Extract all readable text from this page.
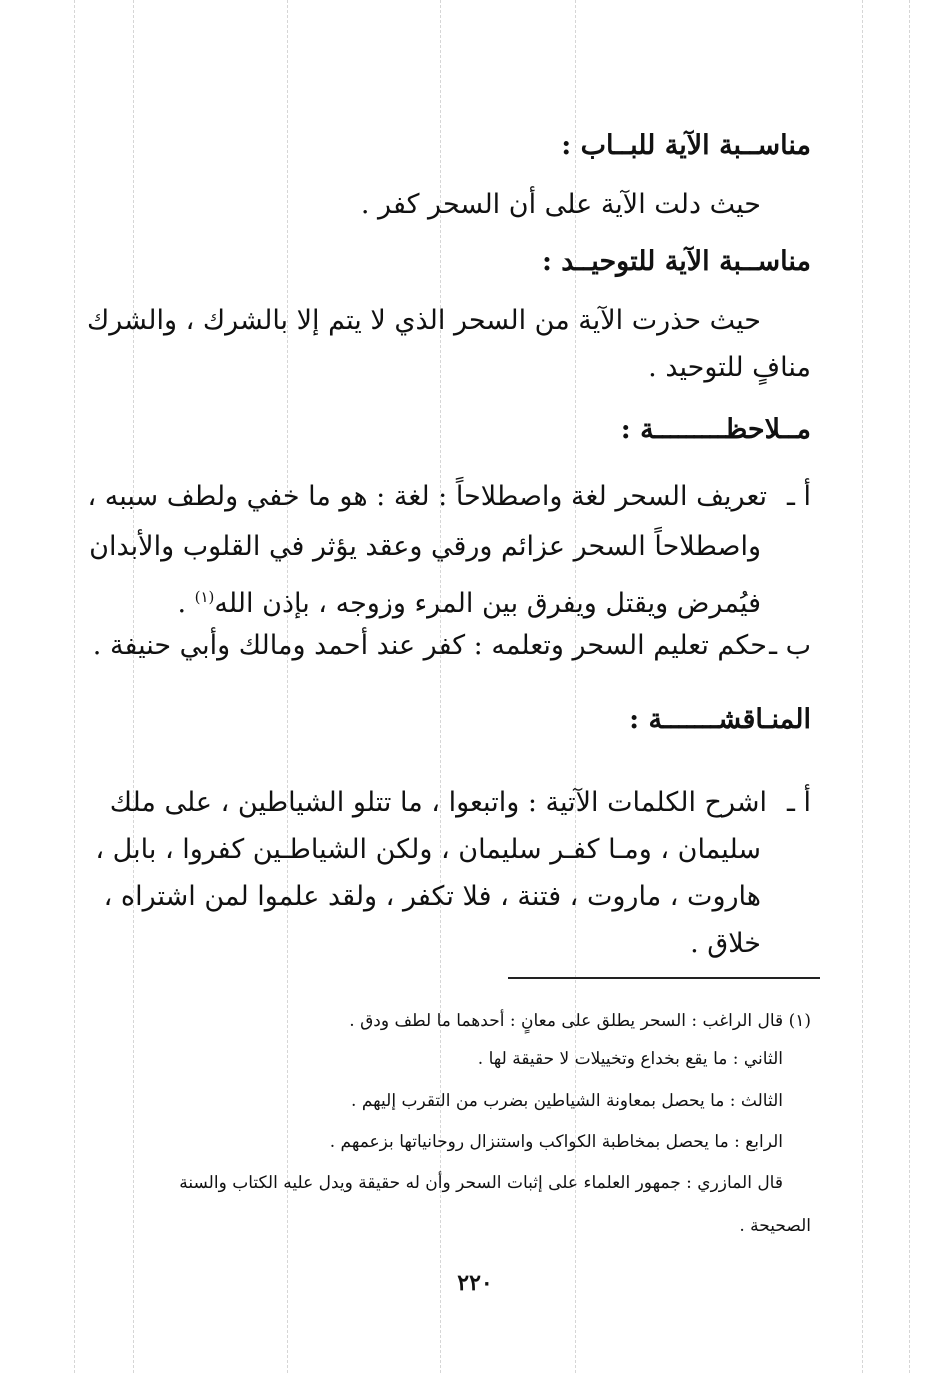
مناســبة الآية للبــاب :
حيث دلت الآية على أن السحر كفر .
مناســبة الآية للتوحيــد :
حيث حذرت الآية من السحر الذي لا يتم إلا بالشرك ، والشرك
منافٍ للتوحيد .
مــلاحظـــــــــة :
أ ـتعريف السحر لغة واصطلاحاً : لغة : هو ما خفي ولطف سببه ،
واصطلاحاً السحر عزائم ورقي وعقد يؤثر في القلوب والأبدان
فيُمرض ويقتل ويفرق بين المرء وزوجه ، بإذن الله$^{(١)}$ .
ب ـحكم تعليم السحر وتعلمه : كفر عند أحمد ومالك وأبي حنيفة .
المنـاقشـــــــة :
أ ـاشرح الكلمات الآتية : واتبعوا ، ما تتلو الشياطين ، على ملك
سليمان ، ومـا كفـر سليمان ، ولكن الشياطـين كفروا ، بابل ،
هاروت ، ماروت ، فتنة ، فلا تكفر ، ولقد علموا لمن اشتراه ،
خلاق .
(١) قال الراغب : السحر يطلق على معانٍ : أحدهما ما لطف ودق .
الثاني : ما يقع بخداع وتخييلات لا حقيقة لها .
الثالث : ما يحصل بمعاونة الشياطين بضرب من التقرب إليهم .
الرابع : ما يحصل بمخاطبة الكواكب واستنزال روحانياتها بزعمهم .
قال المازري : جمهور العلماء على إثبات السحر وأن له حقيقة ويدل عليه الكتاب والسنة
الصحيحة .
٢٢٠
